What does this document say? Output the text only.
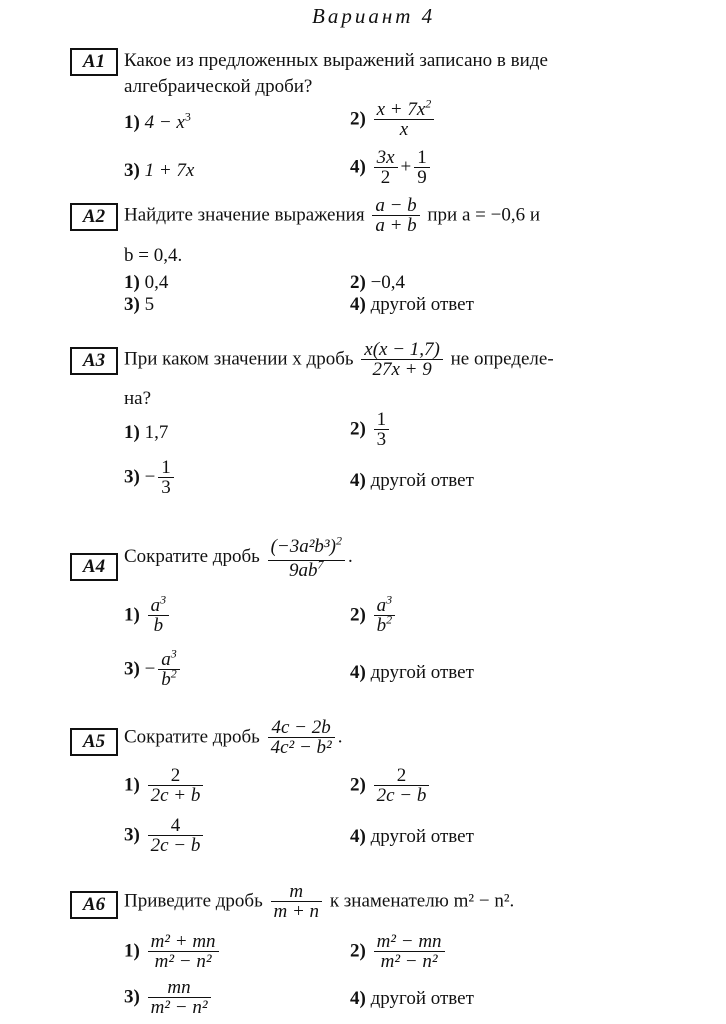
Вариант 4
A1 Какое из предложенных выражений записано в виде
алгебраической дроби?
1) $4 - x^3$	$2) \frac{x + 7x^2}{x}$
3) 1 + 7x	$4) \frac{3x}{2} + \frac{1}{9}$
A2 Найдите значение выражения $\frac{a - b}{a + b}$ при a = −0,6 и
b = 0,4.
1) 0,4	2) −0,4
3) 5	4) другой ответ
A3 При каком значении x дробь $\frac{x(x - 1,7)}{27x + 9}$ не определе-
на?
1) 1,7	$2) \frac{1}{3}$
$3) - \frac{1}{3}$	4) другой ответ
A4 Сократите дробь $\frac{(-3a^2b^3)^2}{9ab^7}$ .
$1) \frac{a^3}{b}$	$2) \frac{a^3}{b^2}$
$3) - \frac{a^3}{b^2}$	4) другой ответ
A5 Сократите дробь $\frac{4c - 2b}{\text{4c² − b²}}$ .
$1) \frac{2}{2c + b}$	$2) \frac{2}{2c - b}$
$3) \frac{4}{2c - b}$	4) другой ответ
A6 Приведите дробь $\frac{m}{m + n}$ к знаменателю m² − n².
$1) \frac{\text{m² + mn}}{\text{m² − n²}}$	$2) \frac{\text{m² − mn}}{\text{m² − n²}}$
$3) \frac{mn}{\text{m² − n²}}$	4) другой ответ
